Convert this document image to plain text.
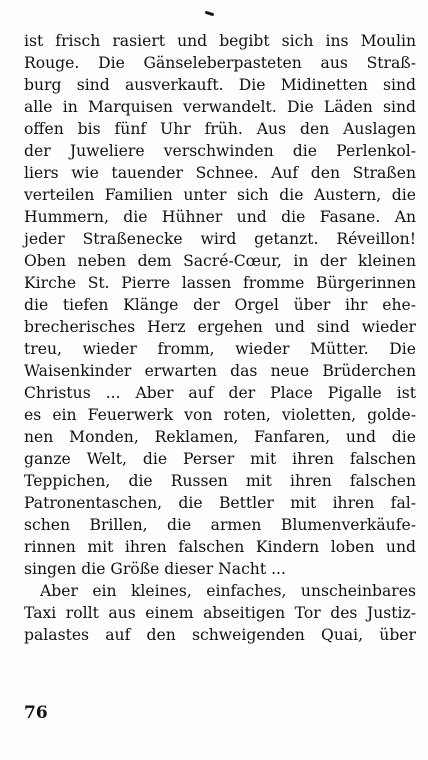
ist frisch rasiert und begibt sich ins Moulin
Rouge. Die Gänseleberpasteten aus Straß-
burg sind ausverkauft. Die Midinetten sind
alle in Marquisen verwandelt. Die Läden sind
offen bis fünf Uhr früh. Aus den Auslagen
der Juweliere verschwinden die Perlenkol-
liers wie tauender Schnee. Auf den Straßen
verteilen Familien unter sich die Austern, die
Hummern, die Hühner und die Fasane. An
jeder Straßenecke wird getanzt. Réveillon!
Oben neben dem Sacré-Cœur, in der kleinen
Kirche St. Pierre lassen fromme Bürgerinnen
die tiefen Klänge der Orgel über ihr ehe-
brecherisches Herz ergehen und sind wieder
treu, wieder fromm, wieder Mütter. Die
Waisenkinder erwarten das neue Brüderchen
Christus ... Aber auf der Place Pigalle ist
es ein Feuerwerk von roten, violetten, golde-
nen Monden, Reklamen, Fanfaren, und die
ganze Welt, die Perser mit ihren falschen
Teppichen, die Russen mit ihren falschen
Patronentaschen, die Bettler mit ihren fal-
schen Brillen, die armen Blumenverkäufe-
rinnen mit ihren falschen Kindern loben und
singen die Größe dieser Nacht ...
Aber ein kleines, einfaches, unscheinbares
Taxi rollt aus einem abseitigen Tor des Justiz-
palastes auf den schweigenden Quai, über
76
